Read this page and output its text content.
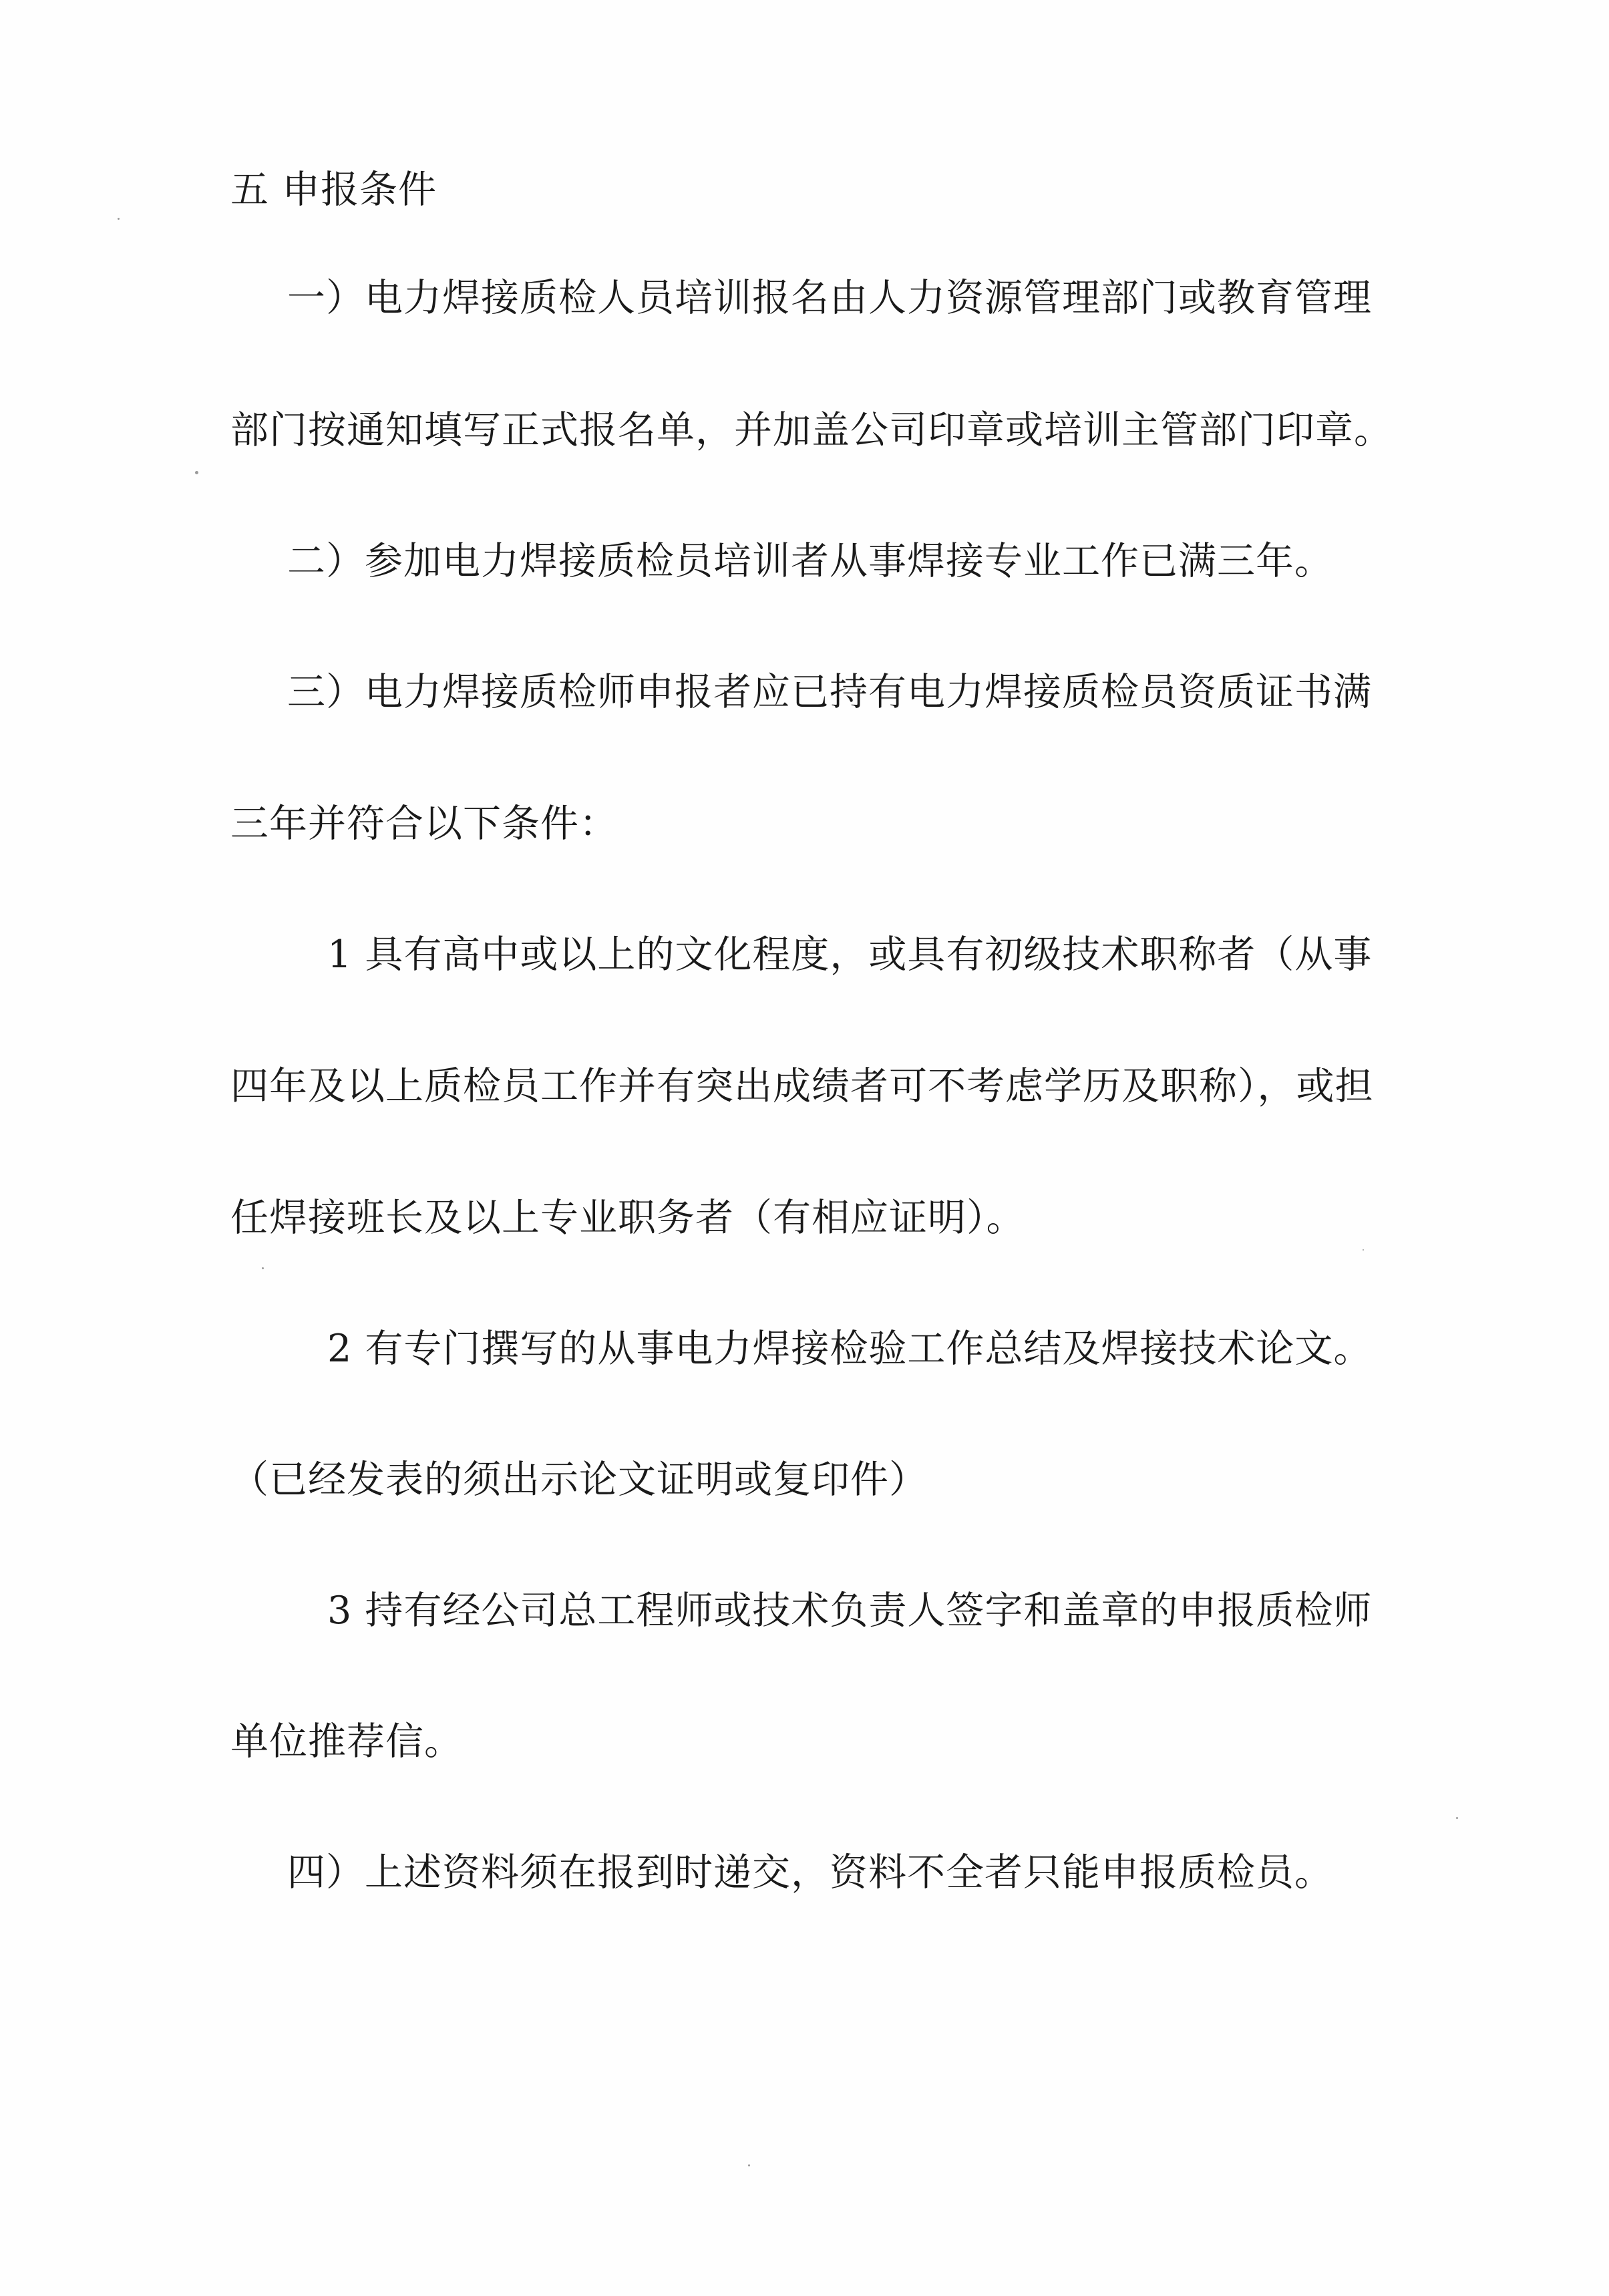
五 申报条件
一）电力焊接质检人员培训报名由人力资源管理部门或教育管理
部门按通知填写正式报名单，并加盖公司印章或培训主管部门印章。
二）参加电力焊接质检员培训者从事焊接专业工作已满三年。
三）电力焊接质检师申报者应已持有电力焊接质检员资质证书满
三年并符合以下条件：
1 具有高中或以上的文化程度，或具有初级技术职称者（从事
四年及以上质检员工作并有突出成绩者可不考虑学历及职称），或担
任焊接班长及以上专业职务者（有相应证明）。
2 有专门撰写的从事电力焊接检验工作总结及焊接技术论文。
（已经发表的须出示论文证明或复印件）
3 持有经公司总工程师或技术负责人签字和盖章的申报质检师
单位推荐信。
四）上述资料须在报到时递交，资料不全者只能申报质检员。
